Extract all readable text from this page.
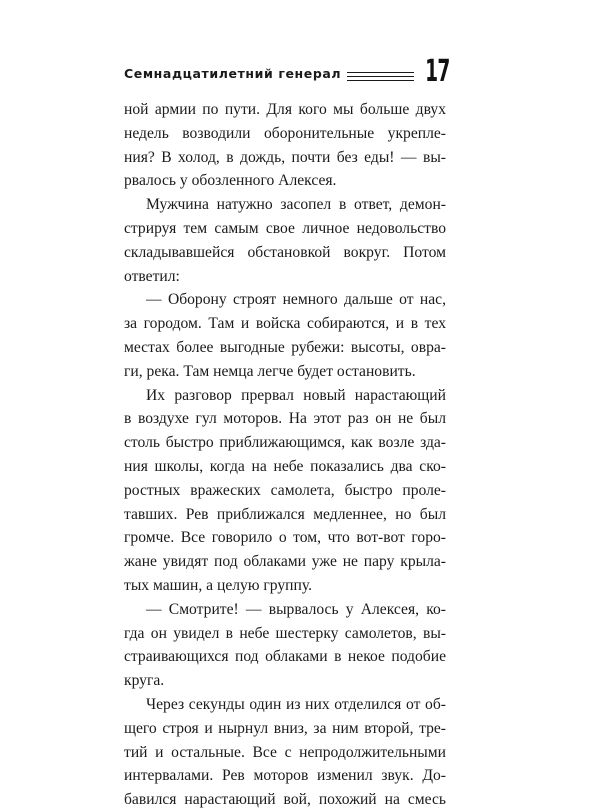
Семнадцатилетний генерал	17
ной армии по пути. Для кого мы больше двух
недель возводили оборонительные укрепле-
ния? В холод, в дождь, почти без еды! — вы-
рвалось у обозленного Алексея.
Мужчина натужно засопел в ответ, демон-
стрируя тем самым свое личное недовольство
складывавшейся обстановкой вокруг. Потом
ответил:
— Оборону строят немного дальше от нас,
за городом. Там и войска собираются, и в тех
местах более выгодные рубежи: высоты, овра-
ги, река. Там немца легче будет остановить.
Их разговор прервал новый нарастающий
в воздухе гул моторов. На этот раз он не был
столь быстро приближающимся, как возле зда-
ния школы, когда на небе показались два ско-
ростных вражеских самолета, быстро проле-
тавших. Рев приближался медленнее, но был
громче. Все говорило о том, что вот-вот горо-
жане увидят под облаками уже не пару крыла-
тых машин, а целую группу.
— Смотрите! — вырвалось у Алексея, ко-
гда он увидел в небе шестерку самолетов, вы-
страивающихся под облаками в некое подобие
круга.
Через секунды один из них отделился от об-
щего строя и нырнул вниз, за ним второй, тре-
тий и остальные. Все с непродолжительными
интервалами. Рев моторов изменил звук. До-
бавился нарастающий вой, похожий на смесь
